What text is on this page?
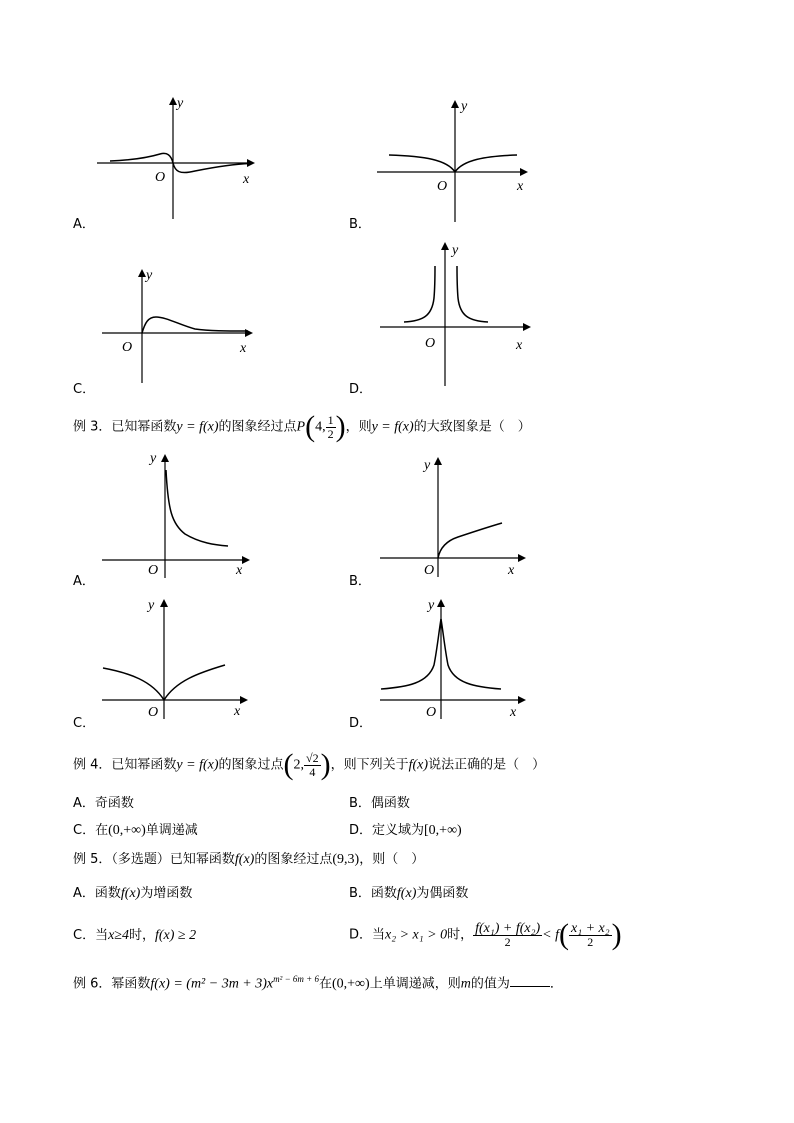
y
x
O
A．
y
x
O
B．
y
x
O
C．
y
x
O
D．
例 3．已知幂函数y = f(x)的图象经过点P(4, $\frac{1}{2}$ )，则y = f(x)的大致图象是（　）
y
x
O
A．
y
x
O
B．
y
x
O
C．
y
x
O
D．
例 4．已知幂函数y = f(x)的图象过点(2, $\frac{√2}{4}$ )，则下列关于f(x)说法正确的是（　）
A．奇函数	B．偶函数
C．在(0,+∞)单调递减	D．定义域为[0,+∞)
例 5．（多选题）已知幂函数f(x)的图象经过点(9,3)，则（　）
A．函数f(x)为增函数	B．函数f(x)为偶函数
C．当x≥4时，f(x) ≥ 2	D．当x₂ > x₁ > 0时， $\frac{\text{f(x₁) + f(x₂)}}{2} < f( \frac{\text{x₁ + x₂}}{2}$ )
例 6．幂函数$f(x) = (m^2 - 3m + 3)x^{m^2 - 6m + 6}$在(0,+∞)上单调递减，则m的值为	．
